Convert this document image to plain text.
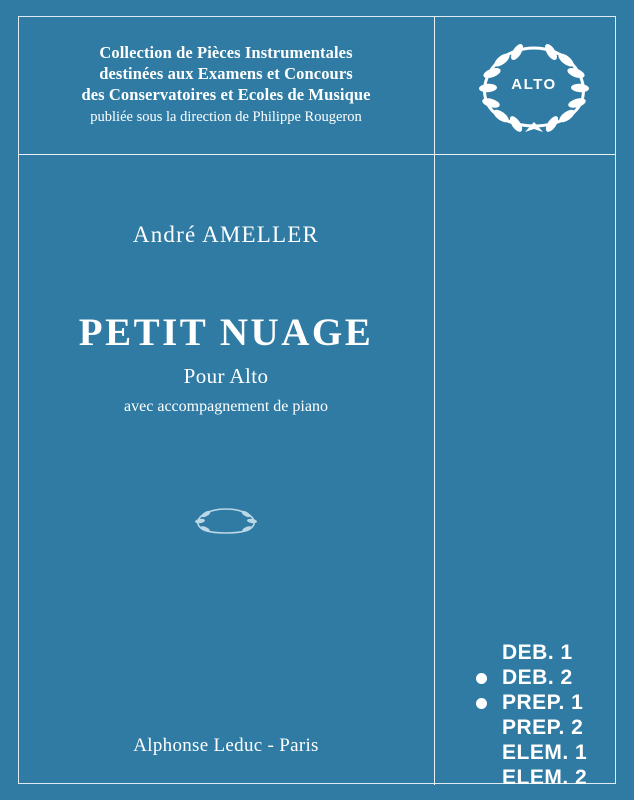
Collection de Pièces Instrumentales
destinées aux Examens et Concours
des Conservatoires et Ecoles de Musique
publiée sous la direction de Philippe Rougeron
ALTO
André AMELLER
PETIT NUAGE
Pour Alto
avec accompagnement de piano
Alphonse Leduc - Paris
DEB. 1
DEB. 2
PREP. 1
PREP. 2
ELEM. 1
ELEM. 2
